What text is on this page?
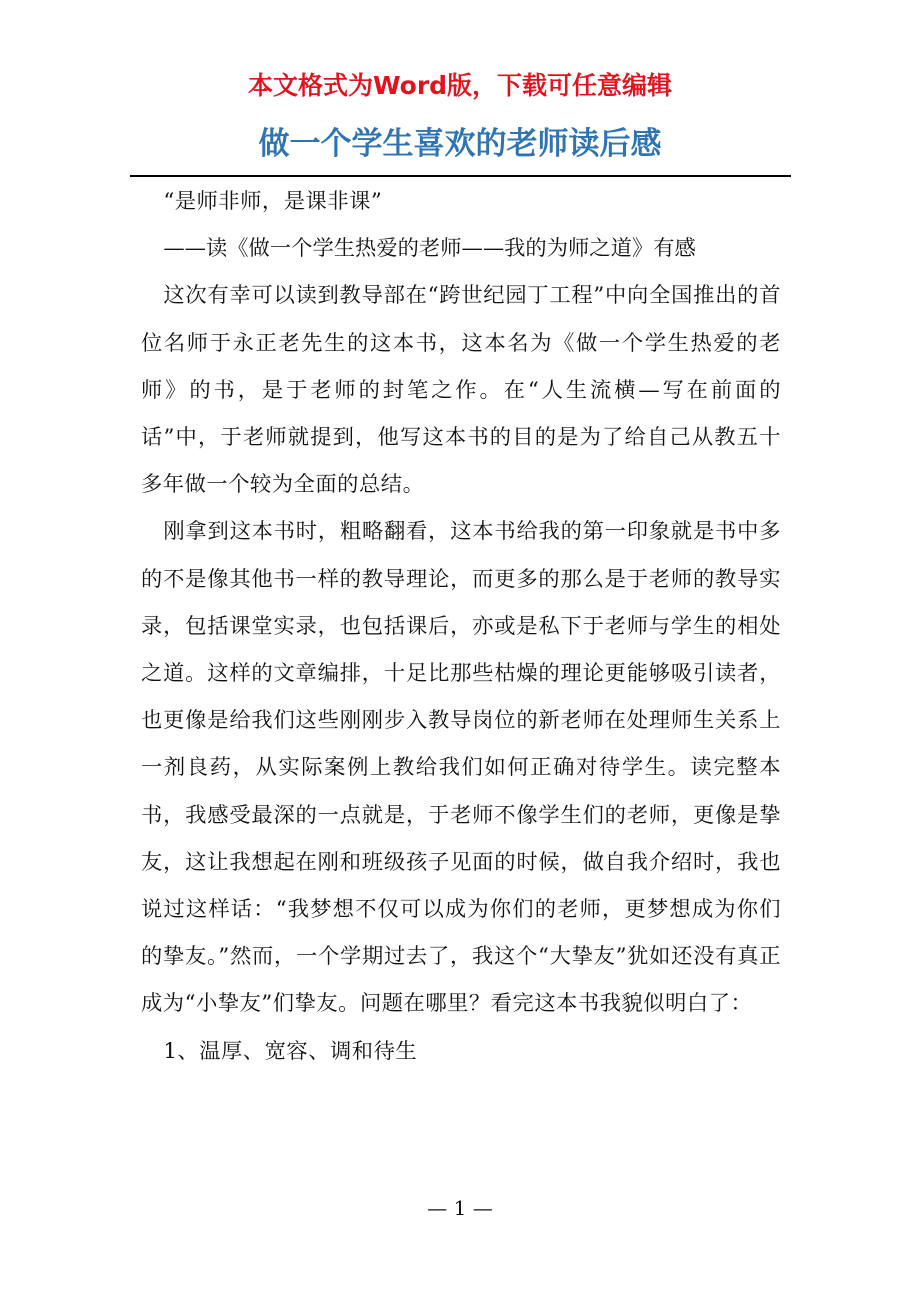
本文格式为Word版，下载可任意编辑
做一个学生喜欢的老师读后感

“是师非师，是课非课”

——读《做一个学生热爱的老师——我的为师之道》有感

这次有幸可以读到教导部在“跨世纪园丁工程”中向全国推出的首位名师于永正老先生的这本书，这本名为《做一个学生热爱的老师》的书，是于老师的封笔之作。在“人生流横—写在前面的话”中，于老师就提到，他写这本书的目的是为了给自己从教五十多年做一个较为全面的总结。

刚拿到这本书时，粗略翻看，这本书给我的第一印象就是书中多的不是像其他书一样的教导理论，而更多的那么是于老师的教导实录，包括课堂实录，也包括课后，亦或是私下于老师与学生的相处之道。这样的文章编排，十足比那些枯燥的理论更能够吸引读者，也更像是给我们这些刚刚步入教导岗位的新老师在处理师生关系上一剂良药，从实际案例上教给我们如何正确对待学生。读完整本书，我感受最深的一点就是，于老师不像学生们的老师，更像是挚友，这让我想起在刚和班级孩子见面的时候，做自我介绍时，我也说过这样话：“我梦想不仅可以成为你们的老师，更梦想成为你们的挚友。”然而，一个学期过去了，我这个“大挚友”犹如还没有真正成为“小挚友”们挚友。问题在哪里？看完这本书我貌似明白了：

1、温厚、宽容、调和待生

— 1 —
